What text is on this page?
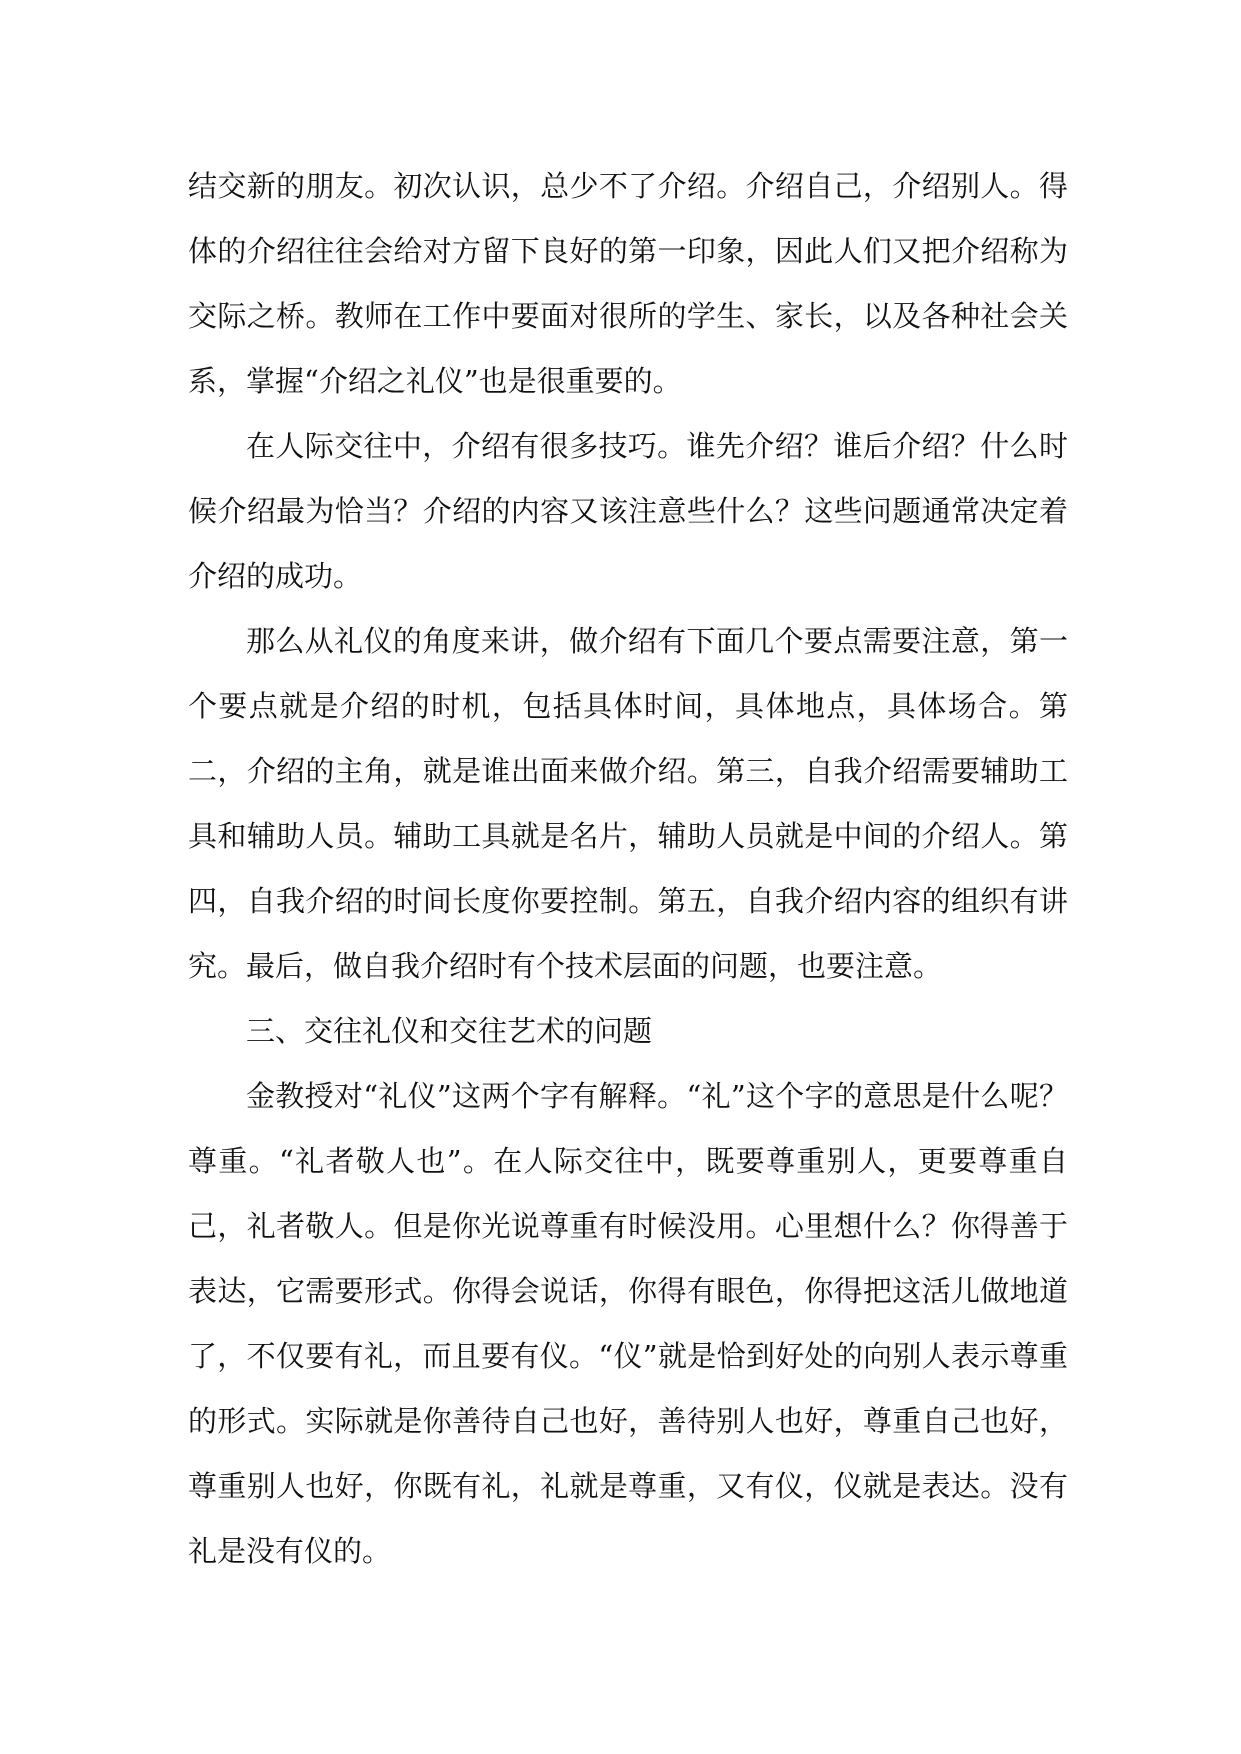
结交新的朋友。初次认识，总少不了介绍。介绍自己，介绍别人。得体的介绍往往会给对方留下良好的第一印象，因此人们又把介绍称为交际之桥。教师在工作中要面对很所的学生、家长，以及各种社会关系，掌握“介绍之礼仪”也是很重要的。

在人际交往中，介绍有很多技巧。谁先介绍？谁后介绍？什么时候介绍最为恰当？介绍的内容又该注意些什么？这些问题通常决定着介绍的成功。

那么从礼仪的角度来讲，做介绍有下面几个要点需要注意，第一个要点就是介绍的时机，包括具体时间，具体地点，具体场合。第二，介绍的主角，就是谁出面来做介绍。第三，自我介绍需要辅助工具和辅助人员。辅助工具就是名片，辅助人员就是中间的介绍人。第四，自我介绍的时间长度你要控制。第五，自我介绍内容的组织有讲究。最后，做自我介绍时有个技术层面的问题，也要注意。

三、交往礼仪和交往艺术的问题

金教授对“礼仪”这两个字有解释。“礼”这个字的意思是什么呢？尊重。“礼者敬人也”。在人际交往中，既要尊重别人，更要尊重自己，礼者敬人。但是你光说尊重有时候没用。心里想什么？你得善于表达，它需要形式。你得会说话，你得有眼色，你得把这活儿做地道了，不仅要有礼，而且要有仪。“仪”就是恰到好处的向别人表示尊重的形式。实际就是你善待自己也好，善待别人也好，尊重自己也好，尊重别人也好，你既有礼，礼就是尊重，又有仪，仪就是表达。没有礼是没有仪的。
